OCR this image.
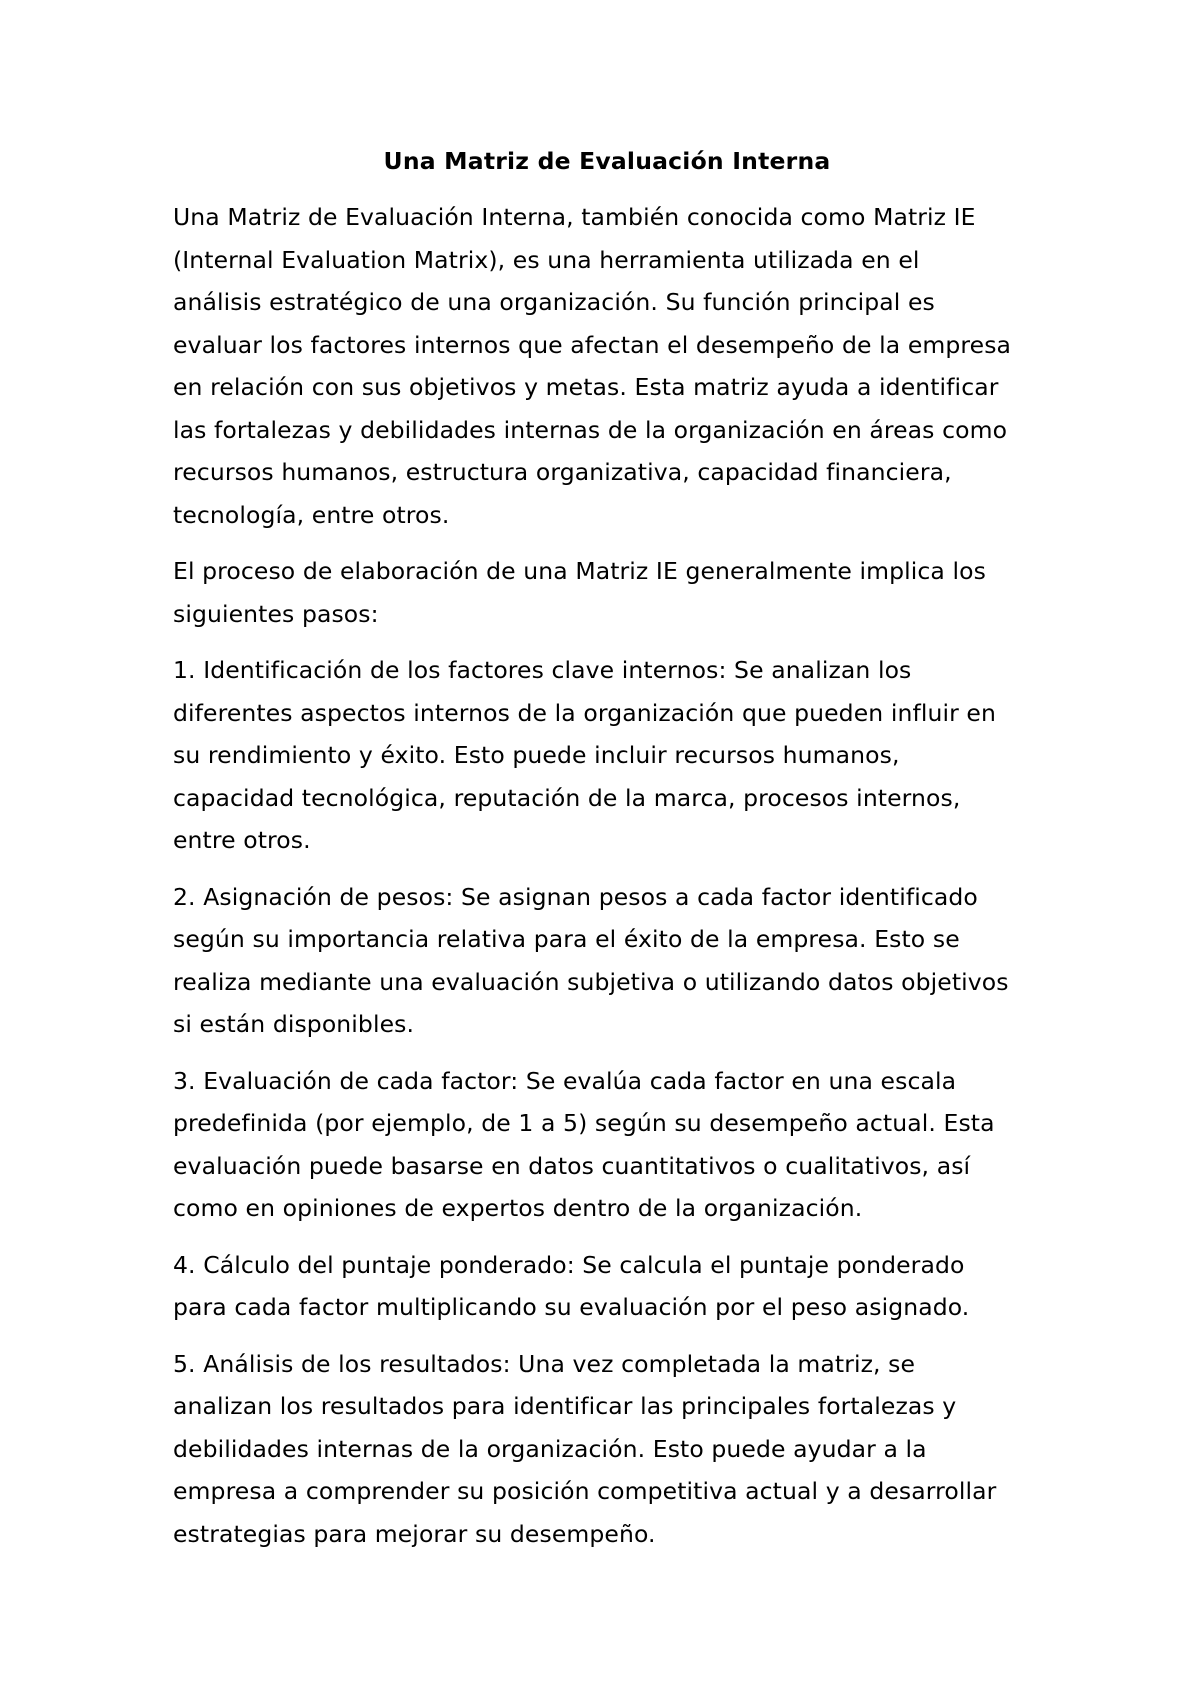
Una Matriz de Evaluación Interna

Una Matriz de Evaluación Interna, también conocida como Matriz IE
(Internal Evaluation Matrix), es una herramienta utilizada en el
análisis estratégico de una organización. Su función principal es
evaluar los factores internos que afectan el desempeño de la empresa
en relación con sus objetivos y metas. Esta matriz ayuda a identificar
las fortalezas y debilidades internas de la organización en áreas como
recursos humanos, estructura organizativa, capacidad financiera,
tecnología, entre otros.

El proceso de elaboración de una Matriz IE generalmente implica los
siguientes pasos:

1. Identificación de los factores clave internos: Se analizan los
diferentes aspectos internos de la organización que pueden influir en
su rendimiento y éxito. Esto puede incluir recursos humanos,
capacidad tecnológica, reputación de la marca, procesos internos,
entre otros.

2. Asignación de pesos: Se asignan pesos a cada factor identificado
según su importancia relativa para el éxito de la empresa. Esto se
realiza mediante una evaluación subjetiva o utilizando datos objetivos
si están disponibles.

3. Evaluación de cada factor: Se evalúa cada factor en una escala
predefinida (por ejemplo, de 1 a 5) según su desempeño actual. Esta
evaluación puede basarse en datos cuantitativos o cualitativos, así
como en opiniones de expertos dentro de la organización.

4. Cálculo del puntaje ponderado: Se calcula el puntaje ponderado
para cada factor multiplicando su evaluación por el peso asignado.

5. Análisis de los resultados: Una vez completada la matriz, se
analizan los resultados para identificar las principales fortalezas y
debilidades internas de la organización. Esto puede ayudar a la
empresa a comprender su posición competitiva actual y a desarrollar
estrategias para mejorar su desempeño.
